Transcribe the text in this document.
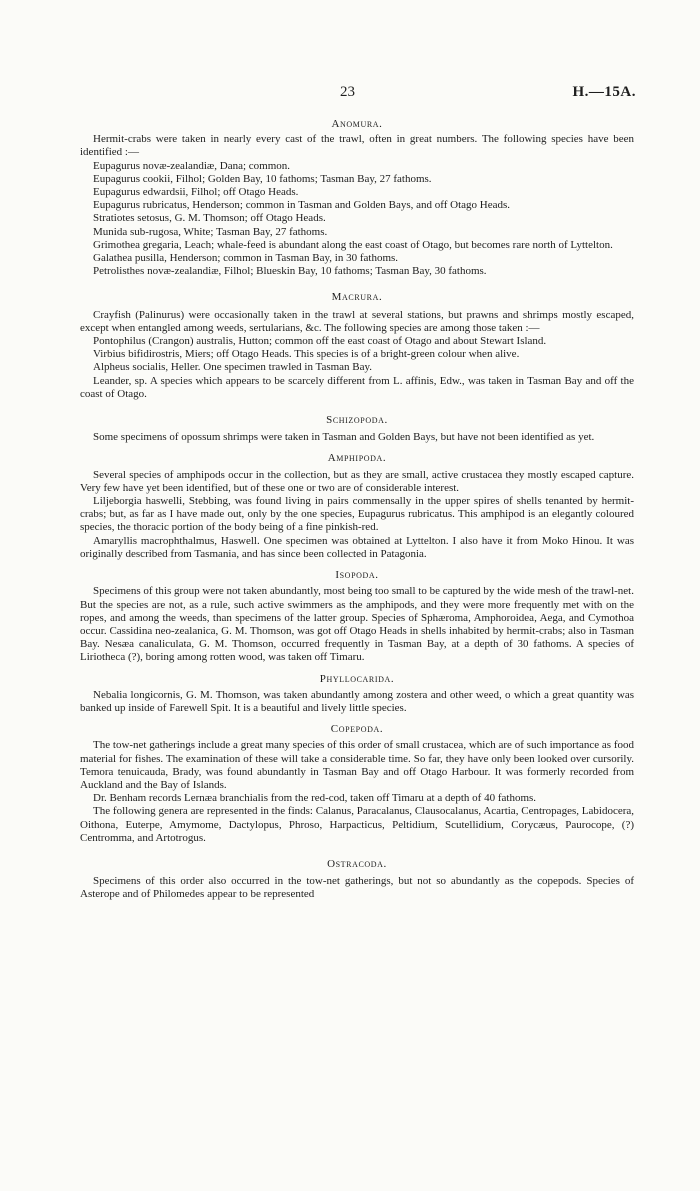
23	H.—15A.
Anomura.

Hermit-crabs were taken in nearly every cast of the trawl, often in great numbers. The following species have been identified :—

Eupagurus novæ-zealandiæ, Dana; common.

Eupagurus cookii, Filhol; Golden Bay, 10 fathoms; Tasman Bay, 27 fathoms.

Eupagurus edwardsii, Filhol; off Otago Heads.

Eupagurus rubricatus, Henderson; common in Tasman and Golden Bays, and off Otago Heads.

Stratiotes setosus, G. M. Thomson; off Otago Heads.

Munida sub-rugosa, White; Tasman Bay, 27 fathoms.

Grimothea gregaria, Leach; whale-feed is abundant along the east coast of Otago, but becomes rare north of Lyttelton.

Galathea pusilla, Henderson; common in Tasman Bay, in 30 fathoms.

Petrolisthes novæ-zealandiæ, Filhol; Blueskin Bay, 10 fathoms; Tasman Bay, 30 fathoms.

Macrura.

Crayfish (Palinurus) were occasionally taken in the trawl at several stations, but prawns and shrimps mostly escaped, except when entangled among weeds, sertularians, &c. The following species are among those taken :—

Pontophilus (Crangon) australis, Hutton; common off the east coast of Otago and about Stewart Island.

Virbius bifidirostris, Miers; off Otago Heads. This species is of a bright-green colour when alive.

Alpheus socialis, Heller. One specimen trawled in Tasman Bay.

Leander, sp. A species which appears to be scarcely different from L. affinis, Edw., was taken in Tasman Bay and off the coast of Otago.

Schizopoda.

Some specimens of opossum shrimps were taken in Tasman and Golden Bays, but have not been identified as yet.

Amphipoda.

Several species of amphipods occur in the collection, but as they are small, active crustacea they mostly escaped capture. Very few have yet been identified, but of these one or two are of considerable interest.

Liljeborgia haswelli, Stebbing, was found living in pairs commensally in the upper spires of shells tenanted by hermit-crabs; but, as far as I have made out, only by the one species, Eupagurus rubricatus. This amphipod is an elegantly coloured species, the thoracic portion of the body being of a fine pinkish-red.

Amaryllis macrophthalmus, Haswell. One specimen was obtained at Lyttelton. I also have it from Moko Hinou. It was originally described from Tasmania, and has since been collected in Patagonia.

Isopoda.

Specimens of this group were not taken abundantly, most being too small to be captured by the wide mesh of the trawl-net. But the species are not, as a rule, such active swimmers as the amphipods, and they were more frequently met with on the ropes, and among the weeds, than specimens of the latter group. Species of Sphæroma, Amphoroidea, Aega, and Cymothoa occur. Cassidina neo-zealanica, G. M. Thomson, was got off Otago Heads in shells inhabited by hermit-crabs; also in Tasman Bay. Nesæa canaliculata, G. M. Thomson, occurred frequently in Tasman Bay, at a depth of 30 fathoms. A species of Liriotheca (?), boring among rotten wood, was taken off Timaru.

Phyllocarida.

Nebalia longicornis, G. M. Thomson, was taken abundantly among zostera and other weed, o which a great quantity was banked up inside of Farewell Spit. It is a beautiful and lively little species.

Copepoda.

The tow-net gatherings include a great many species of this order of small crustacea, which are of such importance as food material for fishes. The examination of these will take a considerable time. So far, they have only been looked over cursorily. Temora tenuicauda, Brady, was found abundantly in Tasman Bay and off Otago Harbour. It was formerly recorded from Auckland and the Bay of Islands.

Dr. Benham records Lernæa branchialis from the red-cod, taken off Timaru at a depth of 40 fathoms.

The following genera are represented in the finds: Calanus, Paracalanus, Clausocalanus, Acartia, Centropages, Labidocera, Oithona, Euterpe, Amymome, Dactylopus, Phroso, Harpacticus, Peltidium, Scutellidium, Corycæus, Paurocope, (?) Centromma, and Artotrogus.

Ostracoda.

Specimens of this order also occurred in the tow-net gatherings, but not so abundantly as the copepods. Species of Asterope and of Philomedes appear to be represented
